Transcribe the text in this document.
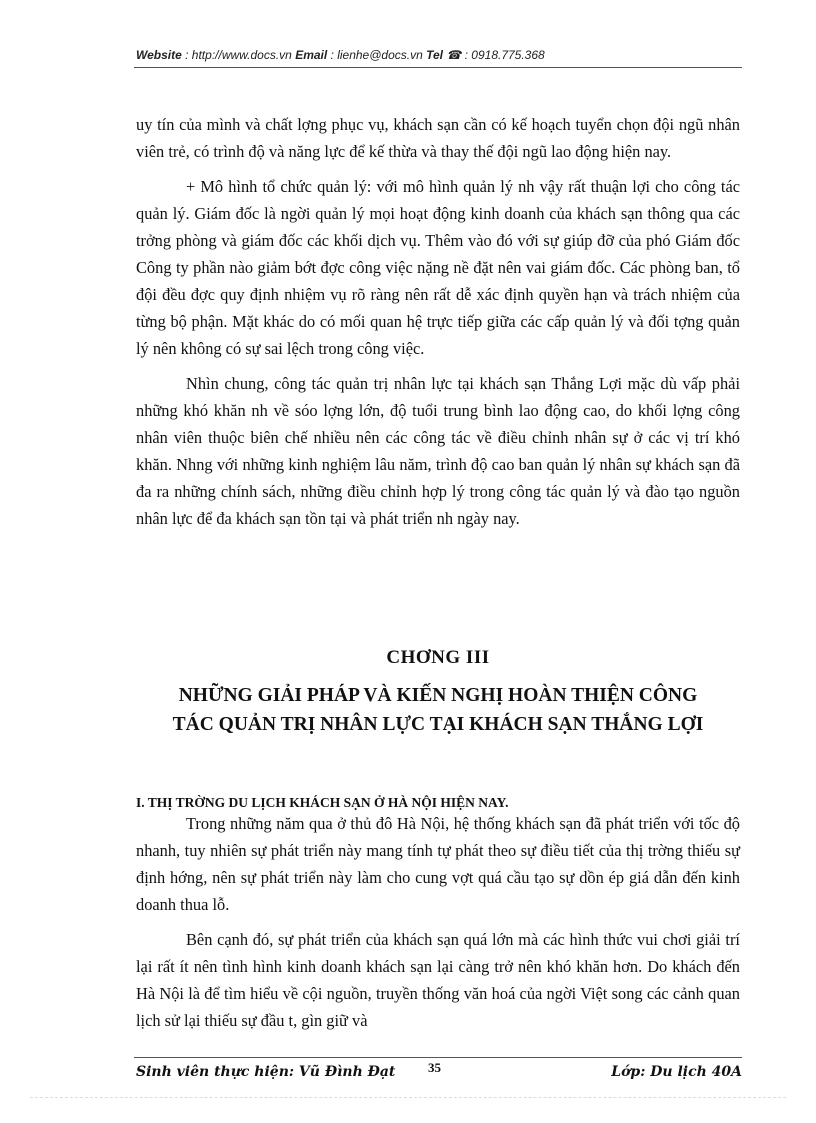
Website : http://www.docs.vn Email : lienhe@docs.vn Tel ☎ : 0918.775.368

uy tín của mình và chất lợng phục vụ, khách sạn cần có kế hoạch tuyển chọn đội ngũ nhân viên trẻ, có trình độ và năng lực để kế thừa và thay thế đội ngũ lao động hiện nay.

+ Mô hình tổ chức quản lý: với mô hình quản lý nh vậy rất thuận lợi cho công tác quản lý. Giám đốc là ngời quản lý mọi hoạt động kinh doanh của khách sạn thông qua các trởng phòng và giám đốc các khối dịch vụ. Thêm vào đó với sự giúp đỡ của phó Giám đốc Công ty phần nào giảm bớt đợc công việc nặng nề đặt nên vai giám đốc. Các phòng ban, tổ đội đều đợc quy định nhiệm vụ rõ ràng nên rất dễ xác định quyền hạn và trách nhiệm của từng bộ phận. Mặt khác do có mối quan hệ trực tiếp giữa các cấp quản lý và đối tợng quản lý nên không có sự sai lệch trong công việc.

Nhìn chung, công tác quản trị nhân lực tại khách sạn Thắng Lợi mặc dù vấp phải những khó khăn nh về sóo lợng lớn, độ tuổi trung bình lao động cao, do khối lợng công nhân viên thuộc biên chế nhiều nên các công tác về điều chỉnh nhân sự ở các vị trí khó khăn. Nhng với những kinh nghiệm lâu năm, trình độ cao ban quản lý nhân sự khách sạn đã đa ra những chính sách, những điều chỉnh hợp lý trong công tác quản lý và đào tạo nguồn nhân lực để đa khách sạn tồn tại và phát triển nh ngày nay.

CHƠNG III
NHỮNG GIẢI PHÁP VÀ KIẾN NGHỊ HOÀN THIỆN CÔNG
TÁC QUẢN TRỊ NHÂN LỰC TẠI KHÁCH SẠN THẮNG LỢI
I. THỊ TRỜNG DU LỊCH KHÁCH SẠN Ở HÀ NỘI HIỆN NAY.

Trong những năm qua ở thủ đô Hà Nội, hệ thống khách sạn đã phát triển với tốc độ nhanh, tuy nhiên sự phát triển này mang tính tự phát theo sự điều tiết của thị trờng thiếu sự định hớng, nên sự phát triển này làm cho cung vợt quá cầu tạo sự dồn ép giá dẫn đến kinh doanh thua lỗ.

Bên cạnh đó, sự phát triển của khách sạn quá lớn mà các hình thức vui chơi giải trí lại rất ít nên tình hình kinh doanh khách sạn lại càng trở nên khó khăn hơn. Do khách đến Hà Nội là để tìm hiểu về cội nguồn, truyền thống văn hoá của ngời Việt song các cảnh quan lịch sử lại thiếu sự đầu t, gìn giữ và

Sinh viên thực hiện: Vũ Đình Đạt	35	Lớp: Du lịch 40A
